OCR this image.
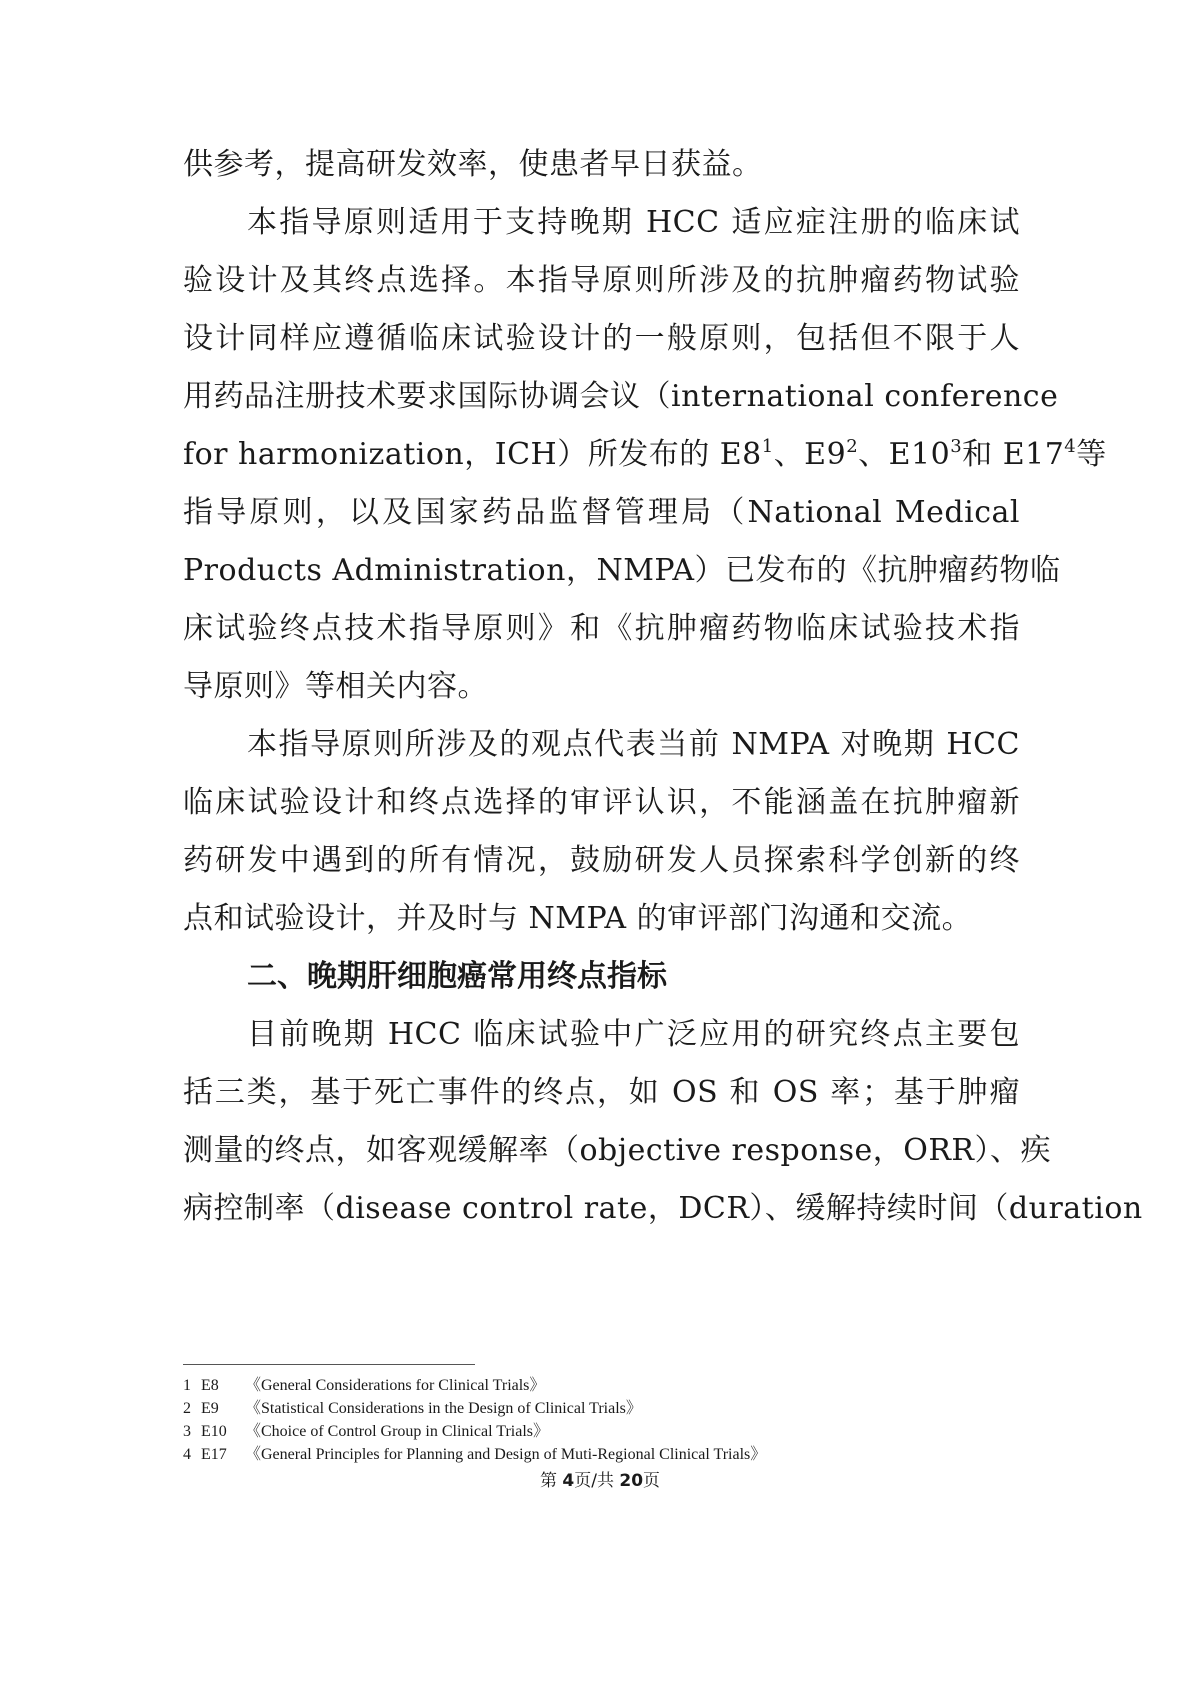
供参考，提高研发效率，使患者早日获益。
本指导原则适用于支持晚期 HCC 适应症注册的临床试
验设计及其终点选择。本指导原则所涉及的抗肿瘤药物试验
设计同样应遵循临床试验设计的一般原则，包括但不限于人
用药品注册技术要求国际协调会议（international conference
for harmonization，ICH）所发布的 $E8^1$、$E9^2$、$E10^3$和 $E17^4$等
指导原则，以及国家药品监督管理局（National Medical
Products Administration，NMPA）已发布的《抗肿瘤药物临
床试验终点技术指导原则》和《抗肿瘤药物临床试验技术指
导原则》等相关内容。
本指导原则所涉及的观点代表当前 NMPA 对晚期 HCC
临床试验设计和终点选择的审评认识，不能涵盖在抗肿瘤新
药研发中遇到的所有情况，鼓励研发人员探索科学创新的终
点和试验设计，并及时与 NMPA 的审评部门沟通和交流。
二、晚期肝细胞癌常用终点指标
目前晚期 HCC 临床试验中广泛应用的研究终点主要包
括三类，基于死亡事件的终点，如 OS 和 OS 率；基于肿瘤
测量的终点，如客观缓解率（objective response，ORR）、疾
病控制率（disease control rate，DCR）、缓解持续时间（duration
1 E8 《General Considerations for Clinical Trials》
2 E9 《Statistical Considerations in the Design of Clinical Trials》
3 E10 《Choice of Control Group in Clinical Trials》
4 E17 《General Principles for Planning and Design of Muti-Regional Clinical Trials》
第 4页/共 20页
